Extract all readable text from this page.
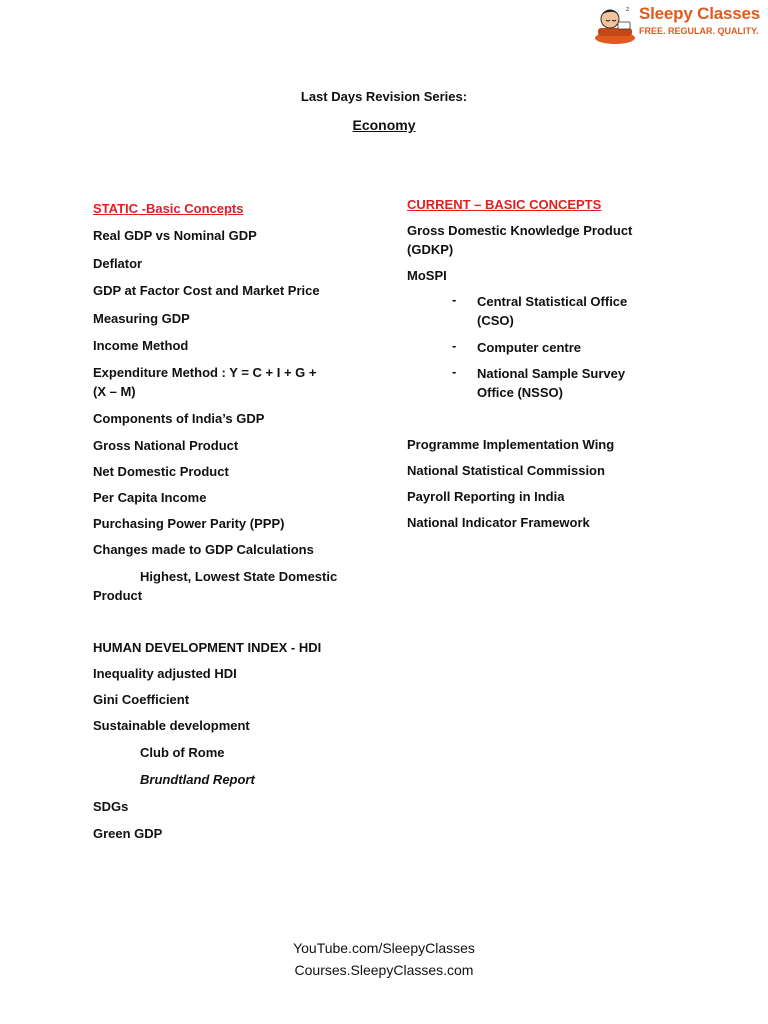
z Sleepy Classes
FREE. REGULAR. QUALITY.
Last Days Revision Series:
Economy
STATIC -Basic Concepts
Real GDP vs Nominal GDP
Deflator
GDP at Factor Cost and Market Price
Measuring GDP
Income Method
Expenditure Method : Y = C + I + G +
(X – M)
Components of India’s GDP
Gross National Product
Net Domestic Product
Per Capita Income
Purchasing Power Parity (PPP)
Changes made to GDP Calculations
Highest, Lowest State Domestic
Product
HUMAN DEVELOPMENT INDEX - HDI
Inequality adjusted HDI
Gini Coefficient
Sustainable development
Club of Rome
Brundtland Report
SDGs
Green GDP
CURRENT – BASIC CONCEPTS
Gross Domestic Knowledge Product
(GDKP)
MoSPI
- Central Statistical Office
(CSO)
- Computer centre
- National Sample Survey
Office (NSSO)
Programme Implementation Wing
National Statistical Commission
Payroll Reporting in India
National Indicator Framework
YouTube.com/SleepyClasses
Courses.SleepyClasses.com
